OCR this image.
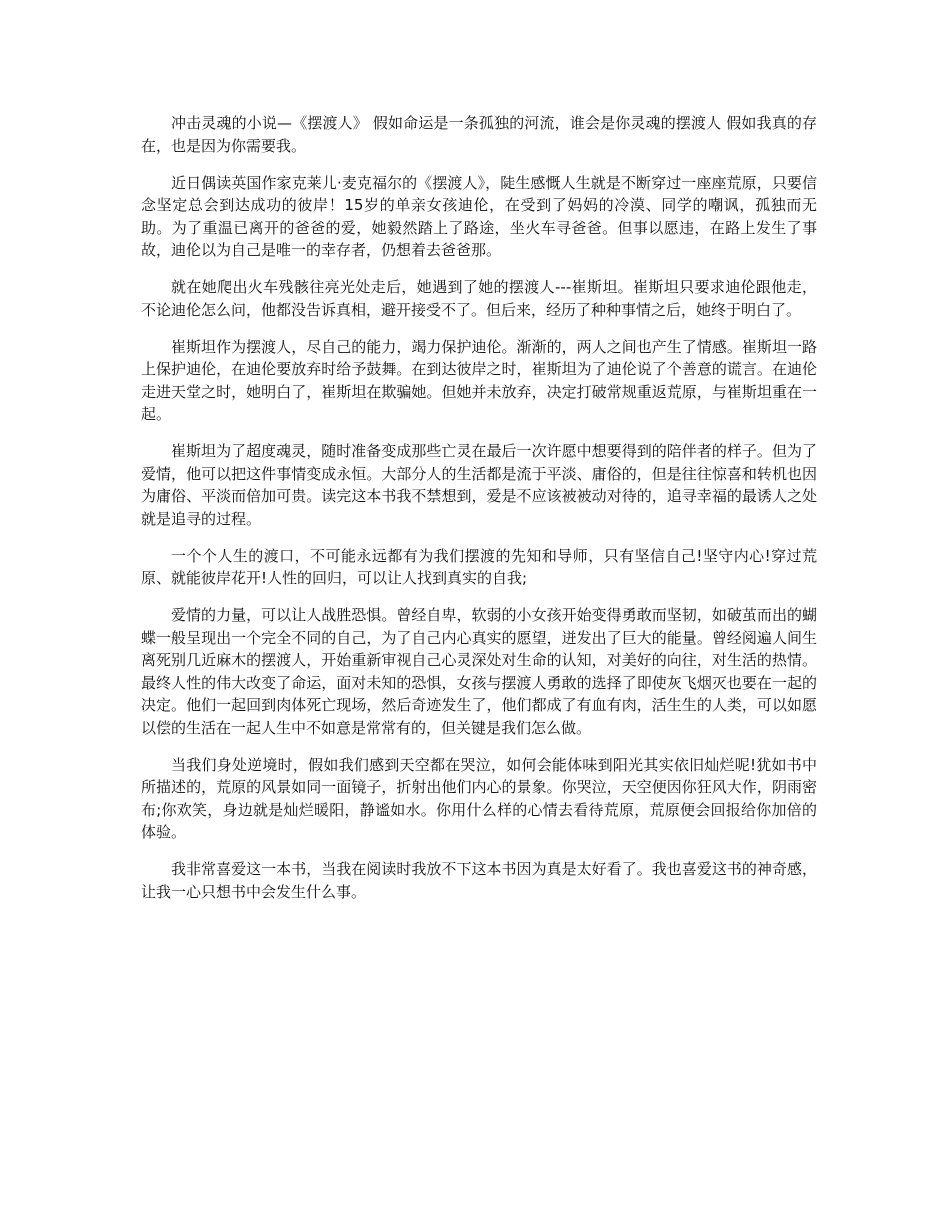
冲击灵魂的小说—《摆渡人》 假如命运是一条孤独的河流，谁会是你灵魂的摆渡人 假如我真的存在，也是因为你需要我。

近日偶读英国作家克莱儿·麦克福尔的《摆渡人》，陡生感慨人生就是不断穿过一座座荒原，只要信念坚定总会到达成功的彼岸！15岁的单亲女孩迪伦，在受到了妈妈的冷漠、同学的嘲讽，孤独而无助。为了重温已离开的爸爸的爱，她毅然踏上了路途，坐火车寻爸爸。但事以愿违，在路上发生了事故，迪伦以为自己是唯一的幸存者，仍想着去爸爸那。

就在她爬出火车残骸往亮光处走后，她遇到了她的摆渡人---崔斯坦。崔斯坦只要求迪伦跟他走，不论迪伦怎么问，他都没告诉真相，避开接受不了。但后来，经历了种种事情之后，她终于明白了。

崔斯坦作为摆渡人，尽自己的能力，竭力保护迪伦。渐渐的，两人之间也产生了情感。崔斯坦一路上保护迪伦，在迪伦要放弃时给予鼓舞。在到达彼岸之时，崔斯坦为了迪伦说了个善意的谎言。在迪伦走进天堂之时，她明白了，崔斯坦在欺骗她。但她并未放弃，决定打破常规重返荒原，与崔斯坦重在一起。

崔斯坦为了超度魂灵，随时准备变成那些亡灵在最后一次许愿中想要得到的陪伴者的样子。但为了爱情，他可以把这件事情变成永恒。大部分人的生活都是流于平淡、庸俗的，但是往往惊喜和转机也因为庸俗、平淡而倍加可贵。读完这本书我不禁想到，爱是不应该被被动对待的，追寻幸福的最诱人之处就是追寻的过程。

一个个人生的渡口，不可能永远都有为我们摆渡的先知和导师，只有坚信自己!坚守内心!穿过荒原、就能彼岸花开!人性的回归，可以让人找到真实的自我;

爱情的力量，可以让人战胜恐惧。曾经自卑，软弱的小女孩开始变得勇敢而坚韧，如破茧而出的蝴蝶一般呈现出一个完全不同的自己，为了自己内心真实的愿望，迸发出了巨大的能量。曾经阅遍人间生离死别几近麻木的摆渡人，开始重新审视自己心灵深处对生命的认知，对美好的向往，对生活的热情。最终人性的伟大改变了命运，面对未知的恐惧，女孩与摆渡人勇敢的选择了即使灰飞烟灭也要在一起的决定。他们一起回到肉体死亡现场，然后奇迹发生了，他们都成了有血有肉，活生生的人类，可以如愿以偿的生活在一起人生中不如意是常常有的，但关键是我们怎么做。

当我们身处逆境时，假如我们感到天空都在哭泣，如何会能体味到阳光其实依旧灿烂呢!犹如书中所描述的，荒原的风景如同一面镜子，折射出他们内心的景象。你哭泣，天空便因你狂风大作，阴雨密布;你欢笑，身边就是灿烂暖阳，静谧如水。你用什么样的心情去看待荒原，荒原便会回报给你加倍的体验。

我非常喜爱这一本书，当我在阅读时我放不下这本书因为真是太好看了。我也喜爱这书的神奇感，让我一心只想书中会发生什么事。
